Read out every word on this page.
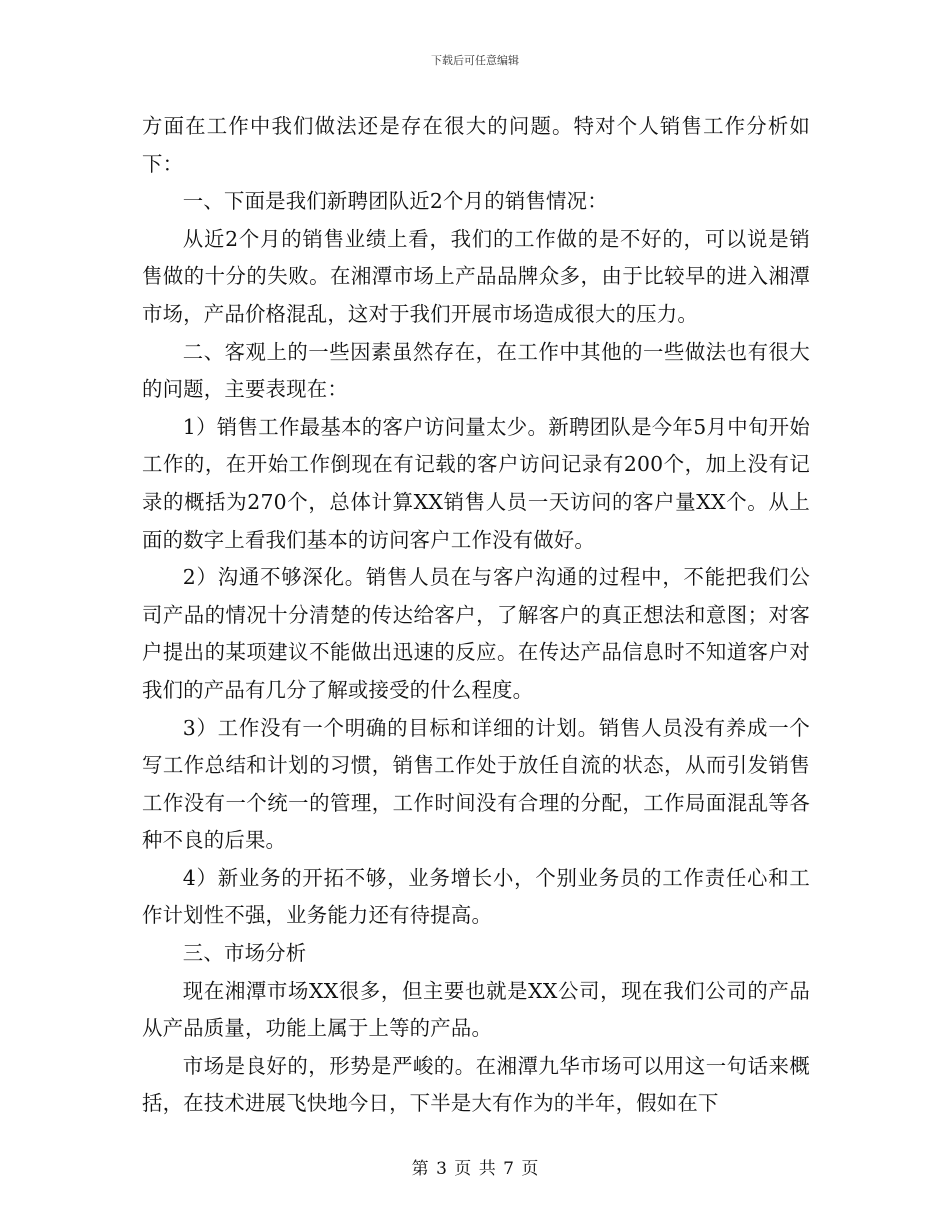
下载后可任意编辑

方面在工作中我们做法还是存在很大的问题。特对个人销售工作分析如下：

一、下面是我们新聘团队近2个月的销售情况：

从近2个月的销售业绩上看，我们的工作做的是不好的，可以说是销售做的十分的失败。在湘潭市场上产品品牌众多，由于比较早的进入湘潭市场，产品价格混乱，这对于我们开展市场造成很大的压力。

二、客观上的一些因素虽然存在，在工作中其他的一些做法也有很大的问题，主要表现在：

1）销售工作最基本的客户访问量太少。新聘团队是今年5月中旬开始工作的，在开始工作倒现在有记载的客户访问记录有200个，加上没有记录的概括为270个，总体计算XX销售人员一天访问的客户量XX个。从上面的数字上看我们基本的访问客户工作没有做好。

2）沟通不够深化。销售人员在与客户沟通的过程中，不能把我们公司产品的情况十分清楚的传达给客户，了解客户的真正想法和意图；对客户提出的某项建议不能做出迅速的反应。在传达产品信息时不知道客户对我们的产品有几分了解或接受的什么程度。

3）工作没有一个明确的目标和详细的计划。销售人员没有养成一个写工作总结和计划的习惯，销售工作处于放任自流的状态，从而引发销售工作没有一个统一的管理，工作时间没有合理的分配，工作局面混乱等各种不良的后果。

4）新业务的开拓不够，业务增长小，个别业务员的工作责任心和工作计划性不强，业务能力还有待提高。

三、市场分析

现在湘潭市场XX很多，但主要也就是XX公司，现在我们公司的产品从产品质量，功能上属于上等的产品。

市场是良好的，形势是严峻的。在湘潭九华市场可以用这一句话来概括，在技术进展飞快地今日，下半是大有作为的半年，假如在下

第 3 页 共 7 页
